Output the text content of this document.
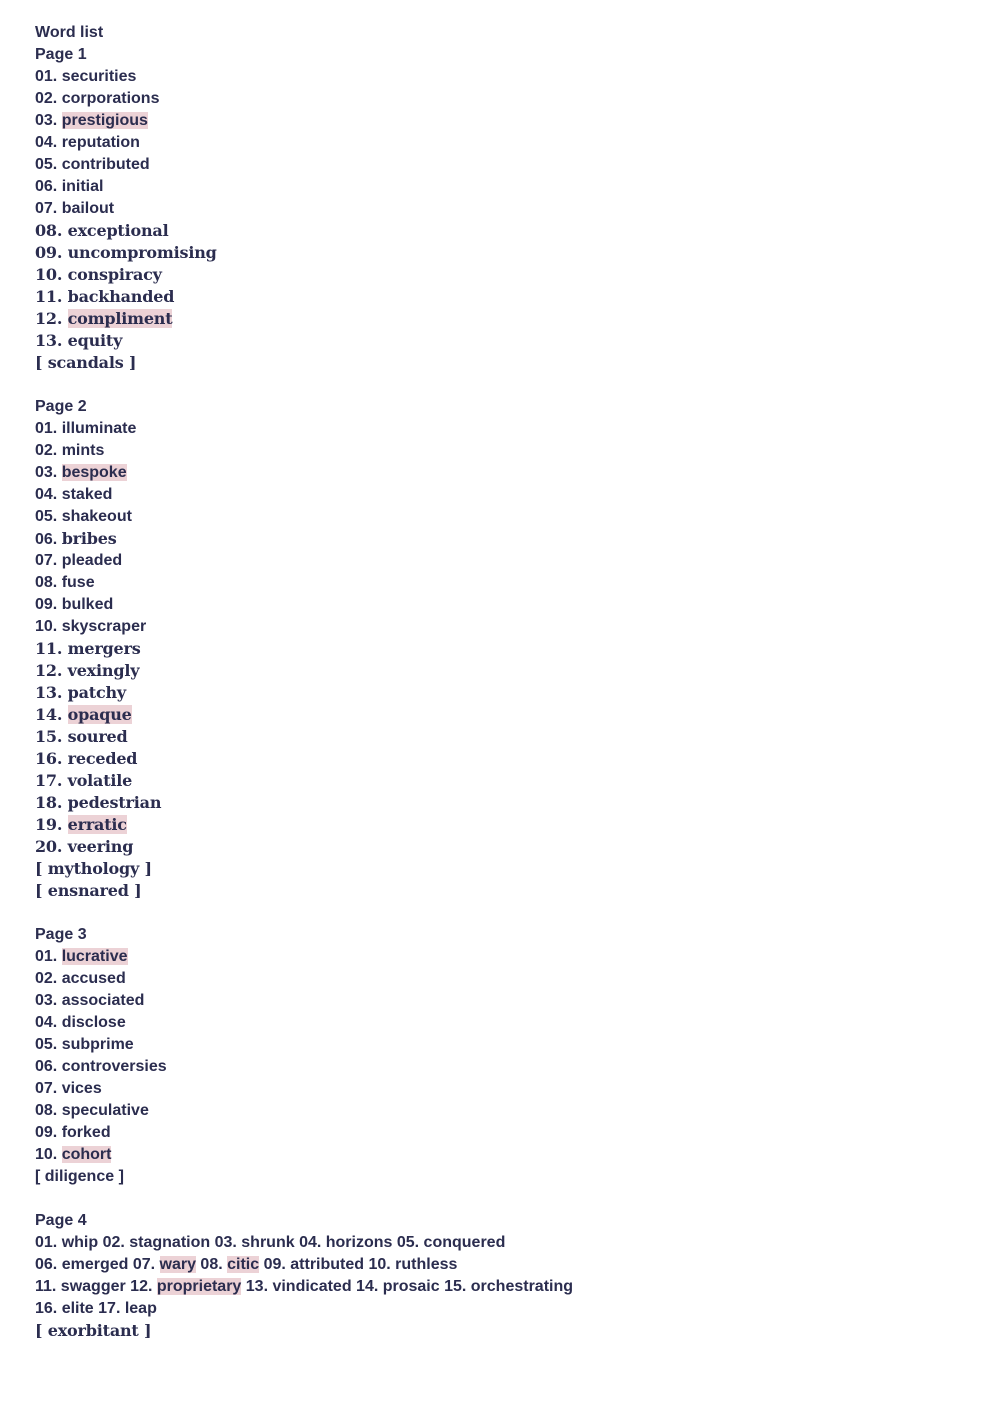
Word list
Page 1
01. securities
02. corporations
03. prestigious
04. reputation
05. contributed
06. initial
07. bailout
08. exceptional
09. uncompromising
10. conspiracy
11. backhanded
12. compliment
13. equity
[ scandals ]
Page 2
01. illuminate
02. mints
03. bespoke
04. staked
05. shakeout
06. bribes
07. pleaded
08. fuse
09. bulked
10. skyscraper
11. mergers
12. vexingly
13. patchy
14. opaque
15. soured
16. receded
17. volatile
18. pedestrian
19. erratic
20. veering
[ mythology ]
[ ensnared ]
Page 3
01. lucrative
02. accused
03. associated
04. disclose
05. subprime
06. controversies
07. vices
08. speculative
09. forked
10. cohort
[ diligence ]
Page 4
01. whip 02. stagnation 03. shrunk 04. horizons 05. conquered
06. emerged 07. wary 08. citic 09. attributed 10. ruthless
11. swagger 12. proprietary 13. vindicated 14. prosaic 15. orchestrating
16. elite 17. leap
[ exorbitant ]
